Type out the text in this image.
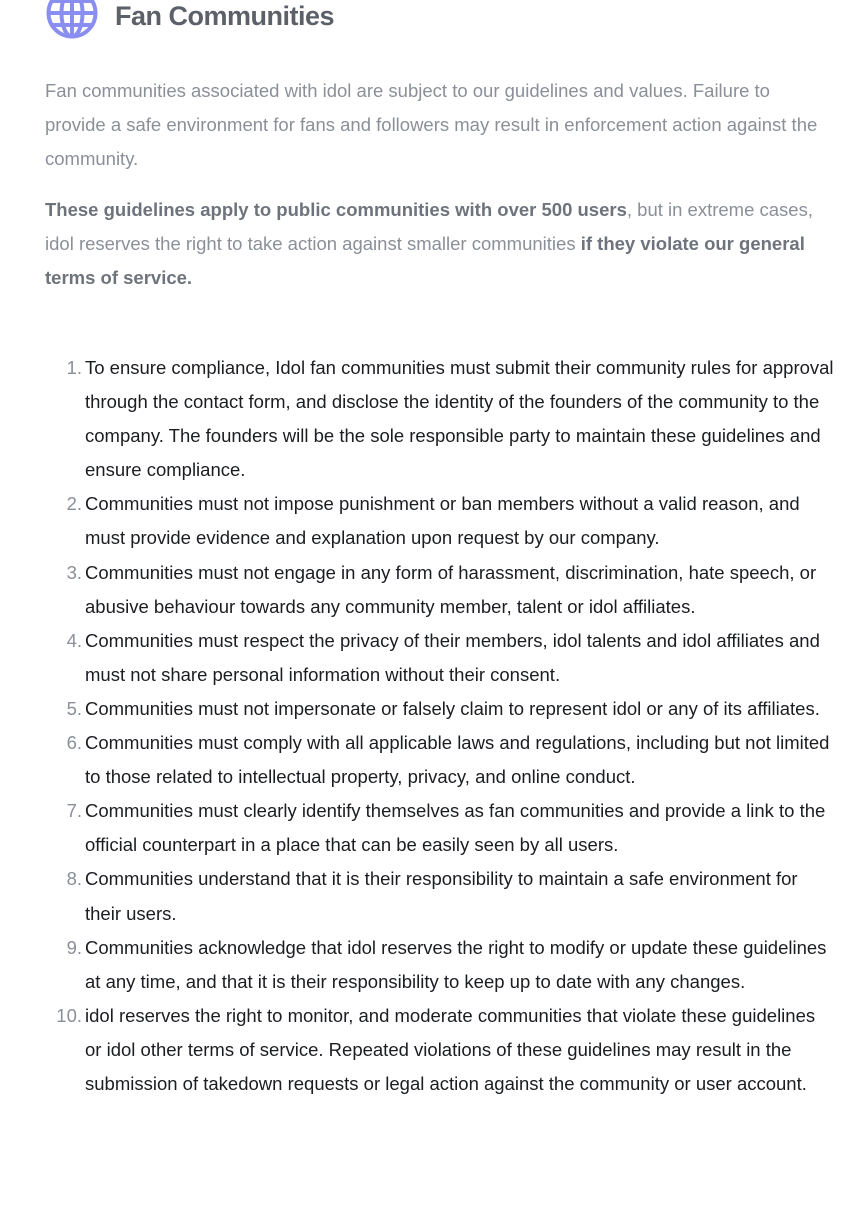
Fan Communities

Fan communities associated with idol are subject to our guidelines and values. Failure to provide a safe environment for fans and followers may result in enforcement action against the community.

These guidelines apply to public communities with over 500 users, but in extreme cases, idol reserves the right to take action against smaller communities if they violate our general terms of service.

1. To ensure compliance, Idol fan communities must submit their community rules for approval through the contact form, and disclose the identity of the founders of the community to the company. The founders will be the sole responsible party to maintain these guidelines and ensure compliance.
2. Communities must not impose punishment or ban members without a valid reason, and must provide evidence and explanation upon request by our company.
3. Communities must not engage in any form of harassment, discrimination, hate speech, or abusive behaviour towards any community member, talent or idol affiliates.
4. Communities must respect the privacy of their members, idol talents and idol affiliates and must not share personal information without their consent.
5. Communities must not impersonate or falsely claim to represent idol or any of its affiliates.
6. Communities must comply with all applicable laws and regulations, including but not limited to those related to intellectual property, privacy, and online conduct.
7. Communities must clearly identify themselves as fan communities and provide a link to the official counterpart in a place that can be easily seen by all users.
8. Communities understand that it is their responsibility to maintain a safe environment for their users.
9. Communities acknowledge that idol reserves the right to modify or update these guidelines at any time, and that it is their responsibility to keep up to date with any changes.
10. idol reserves the right to monitor, and moderate communities that violate these guidelines or idol other terms of service. Repeated violations of these guidelines may result in the submission of takedown requests or legal action against the community or user account.
